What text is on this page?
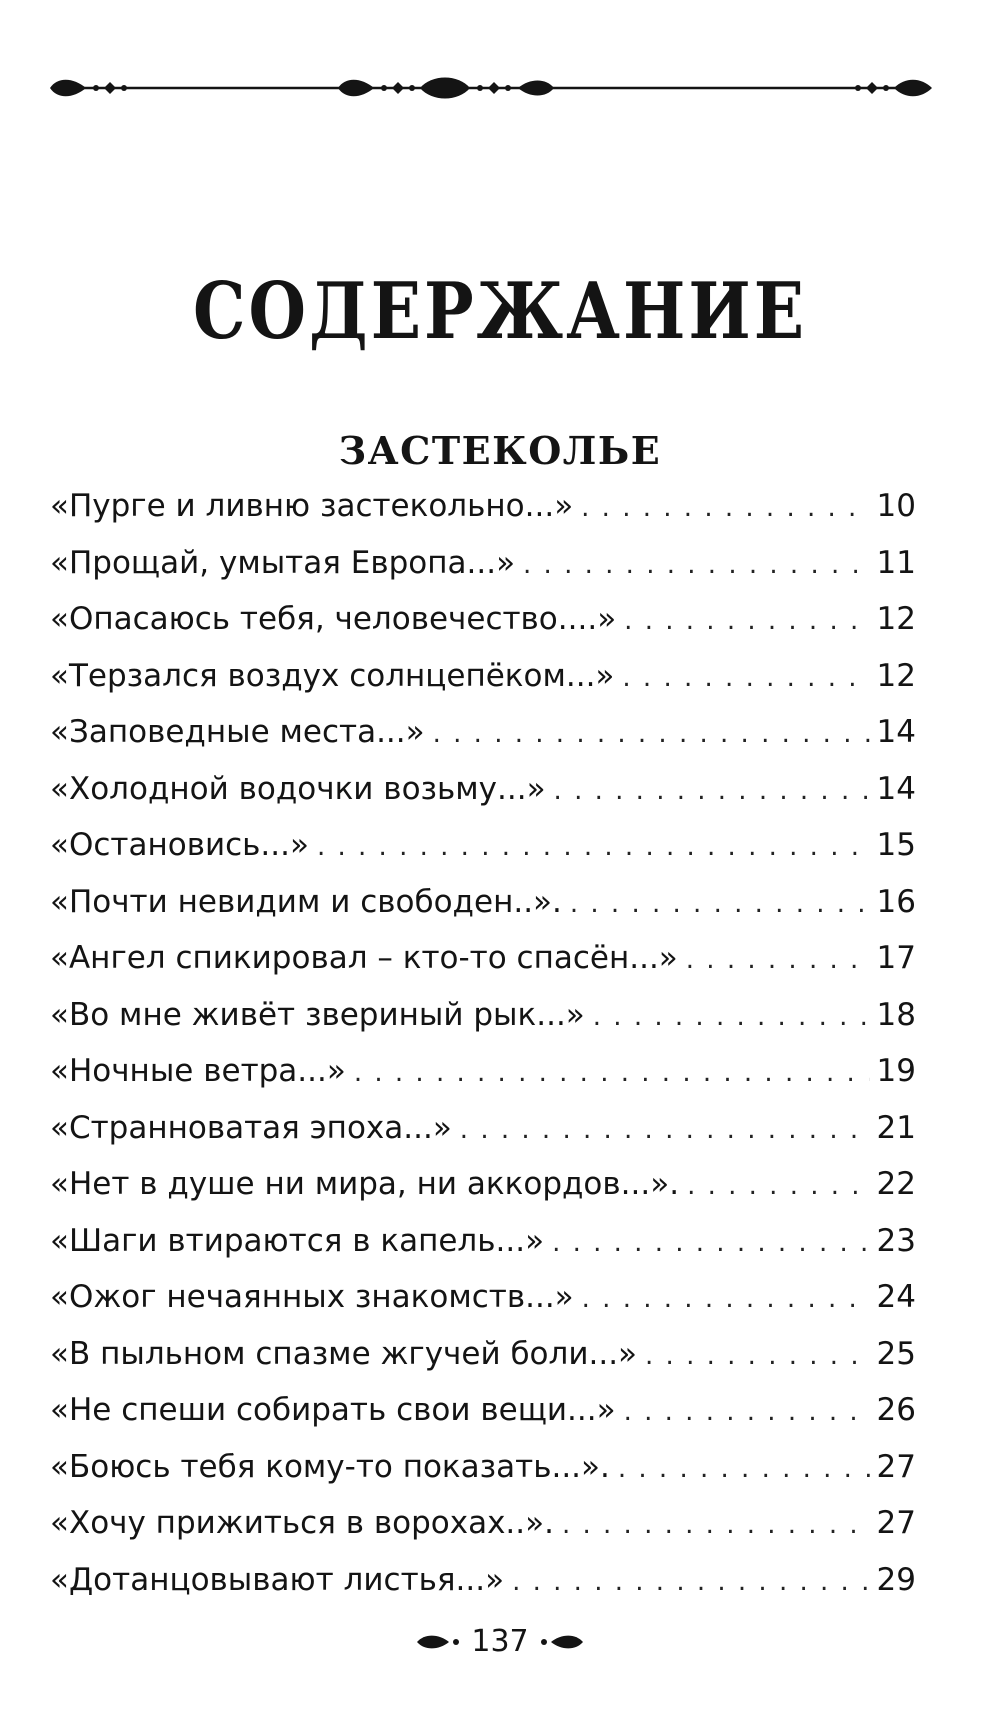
СОДЕРЖАНИЕ
ЗАСТЕКОЛЬЕ
«Пурге и ливню застекольно...» . . .	10
«Прощай, умытая Европа...» . . .	11
«Опасаюсь тебя, человечество....» . . .	12
«Терзался воздух солнцепёком...» . . .	12
«Заповедные места...» . . .	14
«Холодной водочки возьму...» . . .	14
«Остановись...» . . .	15
«Почти невидим и свободен..». . . .	16
«Ангел спикировал – кто-то спасён...» . . .	17
«Во мне живёт звериный рык...» . . .	18
«Ночные ветра...» . . .	19
«Странноватая эпоха...» . . .	21
«Нет в душе ни мира, ни аккордов...». . . .	22
«Шаги втираются в капель...» . . .	23
«Ожог нечаянных знакомств...» . . .	24
«В пыльном спазме жгучей боли...» . . .	25
«Не спеши собирать свои вещи...» . . .	26
«Боюсь тебя кому-то показать...». . . .	27
«Хочу прижиться в ворохах..». . . .	27
«Дотанцовывают листья...» . . .	29
137
